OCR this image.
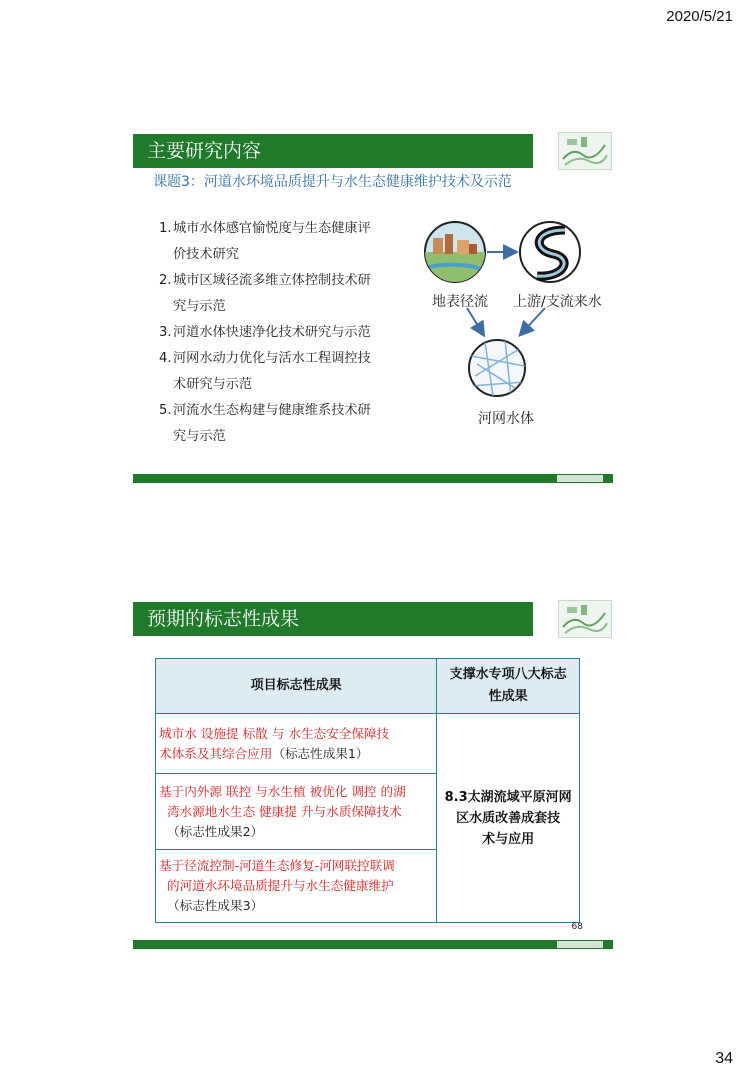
2020/5/21
主要研究内容
课题3：河道水环境品质提升与水生态健康维护技术及示范
1. 城市水体感官愉悦度与生态健康评
价技术研究
2. 城市区域径流多维立体控制技术研
究与示范
3. 河道水体快速净化技术研究与示范
4. 河网水动力优化与活水工程调控技
术研究与示范
5. 河流水生态构建与健康维系技术研
究与示范
地表径流 上游/支流来水
河网水体
预期的标志性成果
项目标志性成果	支撑水专项八大标志
性成果
城市水 设施提 标散 与 水生态安全保障技
术体系及其综合应用（标志性成果1）	8.3太湖流域平原河网
区水质改善成套技
术与应用
基于内外源 联控 与水生植 被优化 调控 的湖
湾水源地水生态 健康提 升与水质保障技术
（标志性成果2）	
基于径流控制-河道生态修复-河网联控联调
的河道水环境品质提升与水生态健康维护
（标志性成果3）	
68
34
